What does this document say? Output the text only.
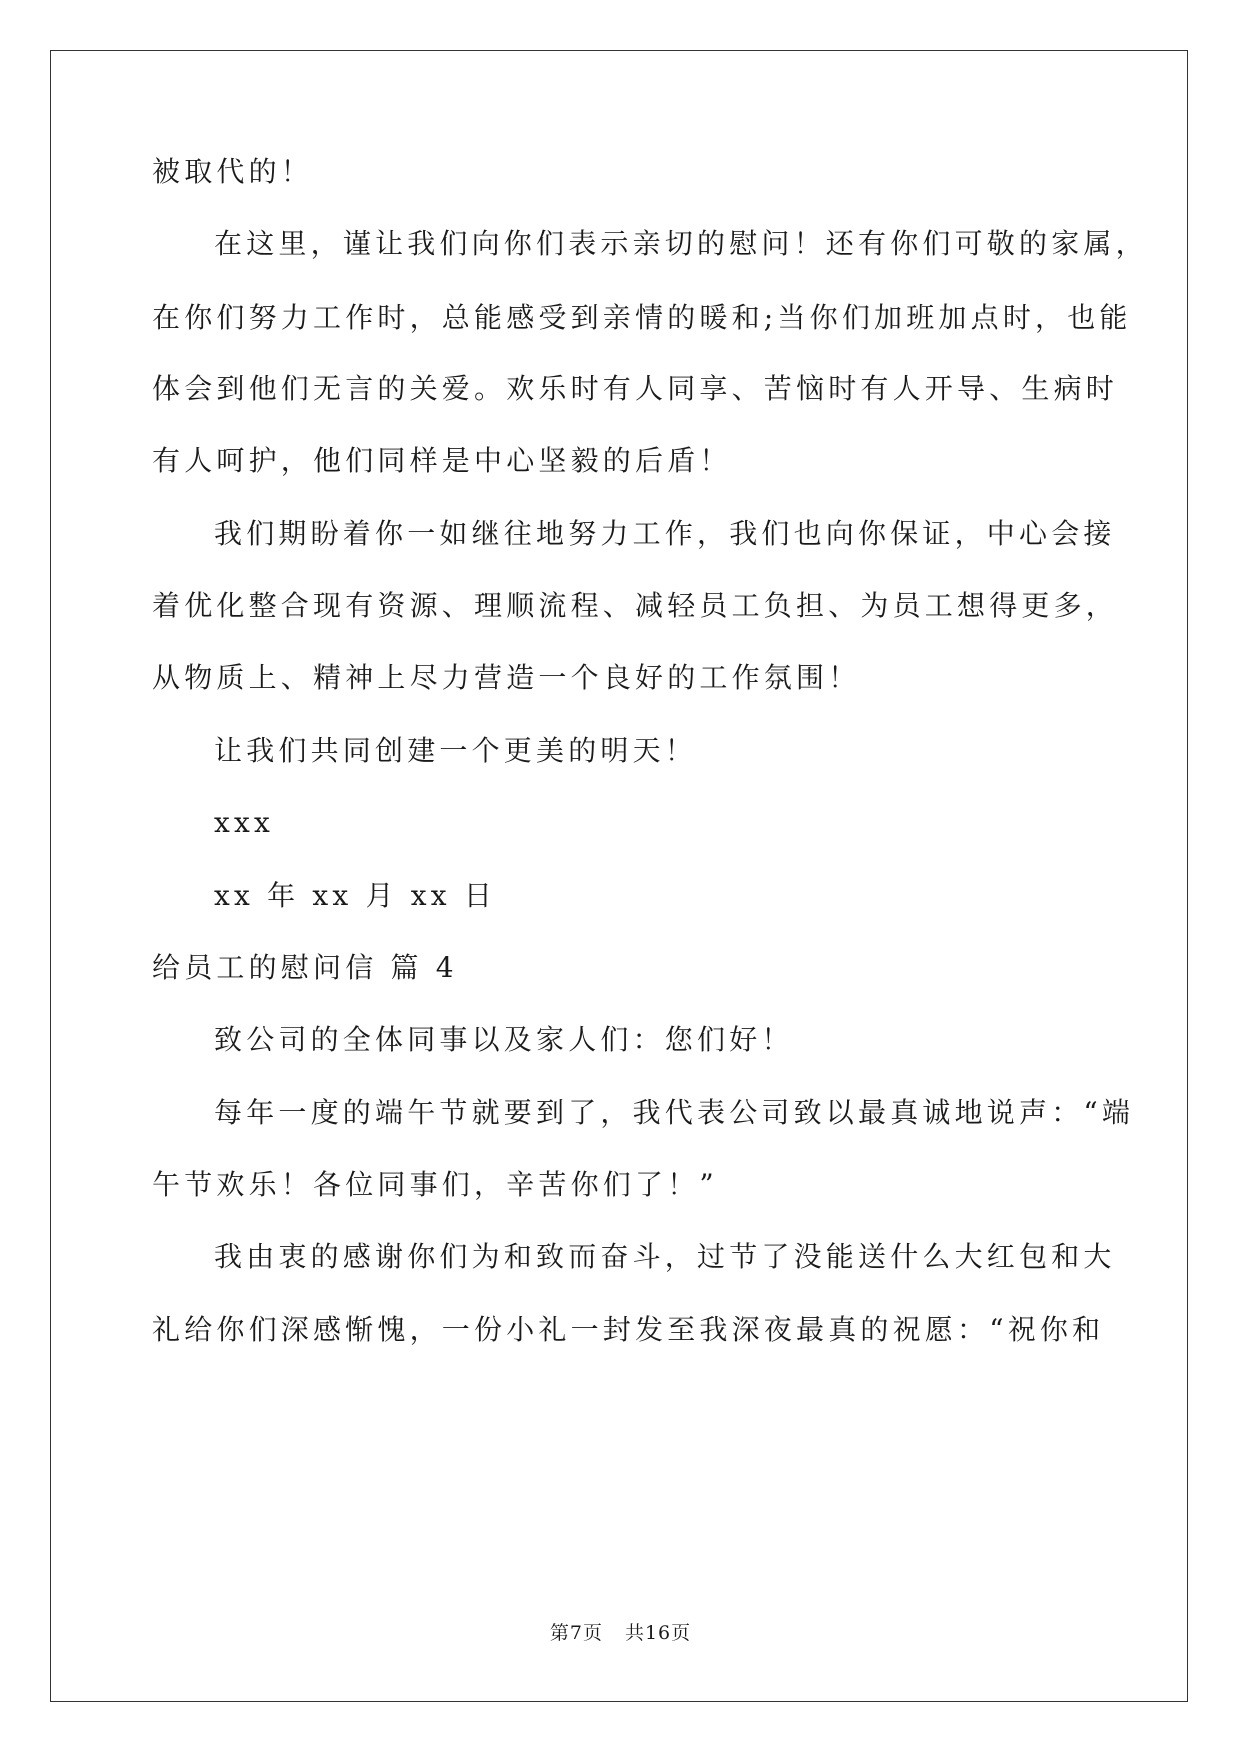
被取代的！
在这里，谨让我们向你们表示亲切的慰问！还有你们可敬的家属，
在你们努力工作时，总能感受到亲情的暖和;当你们加班加点时，也能
体会到他们无言的关爱。欢乐时有人同享、苦恼时有人开导、生病时
有人呵护，他们同样是中心坚毅的后盾！
我们期盼着你一如继往地努力工作，我们也向你保证，中心会接
着优化整合现有资源、理顺流程、减轻员工负担、为员工想得更多，
从物质上、精神上尽力营造一个良好的工作氛围！
让我们共同创建一个更美的明天！
xxx
xx 年 xx 月 xx 日
给员工的慰问信 篇 4
致公司的全体同事以及家人们：您们好！
每年一度的端午节就要到了，我代表公司致以最真诚地说声：“端
午节欢乐！各位同事们，辛苦你们了！”
我由衷的感谢你们为和致而奋斗，过节了没能送什么大红包和大
礼给你们深感惭愧，一份小礼一封发至我深夜最真的祝愿：“祝你和
第7页 共16页
